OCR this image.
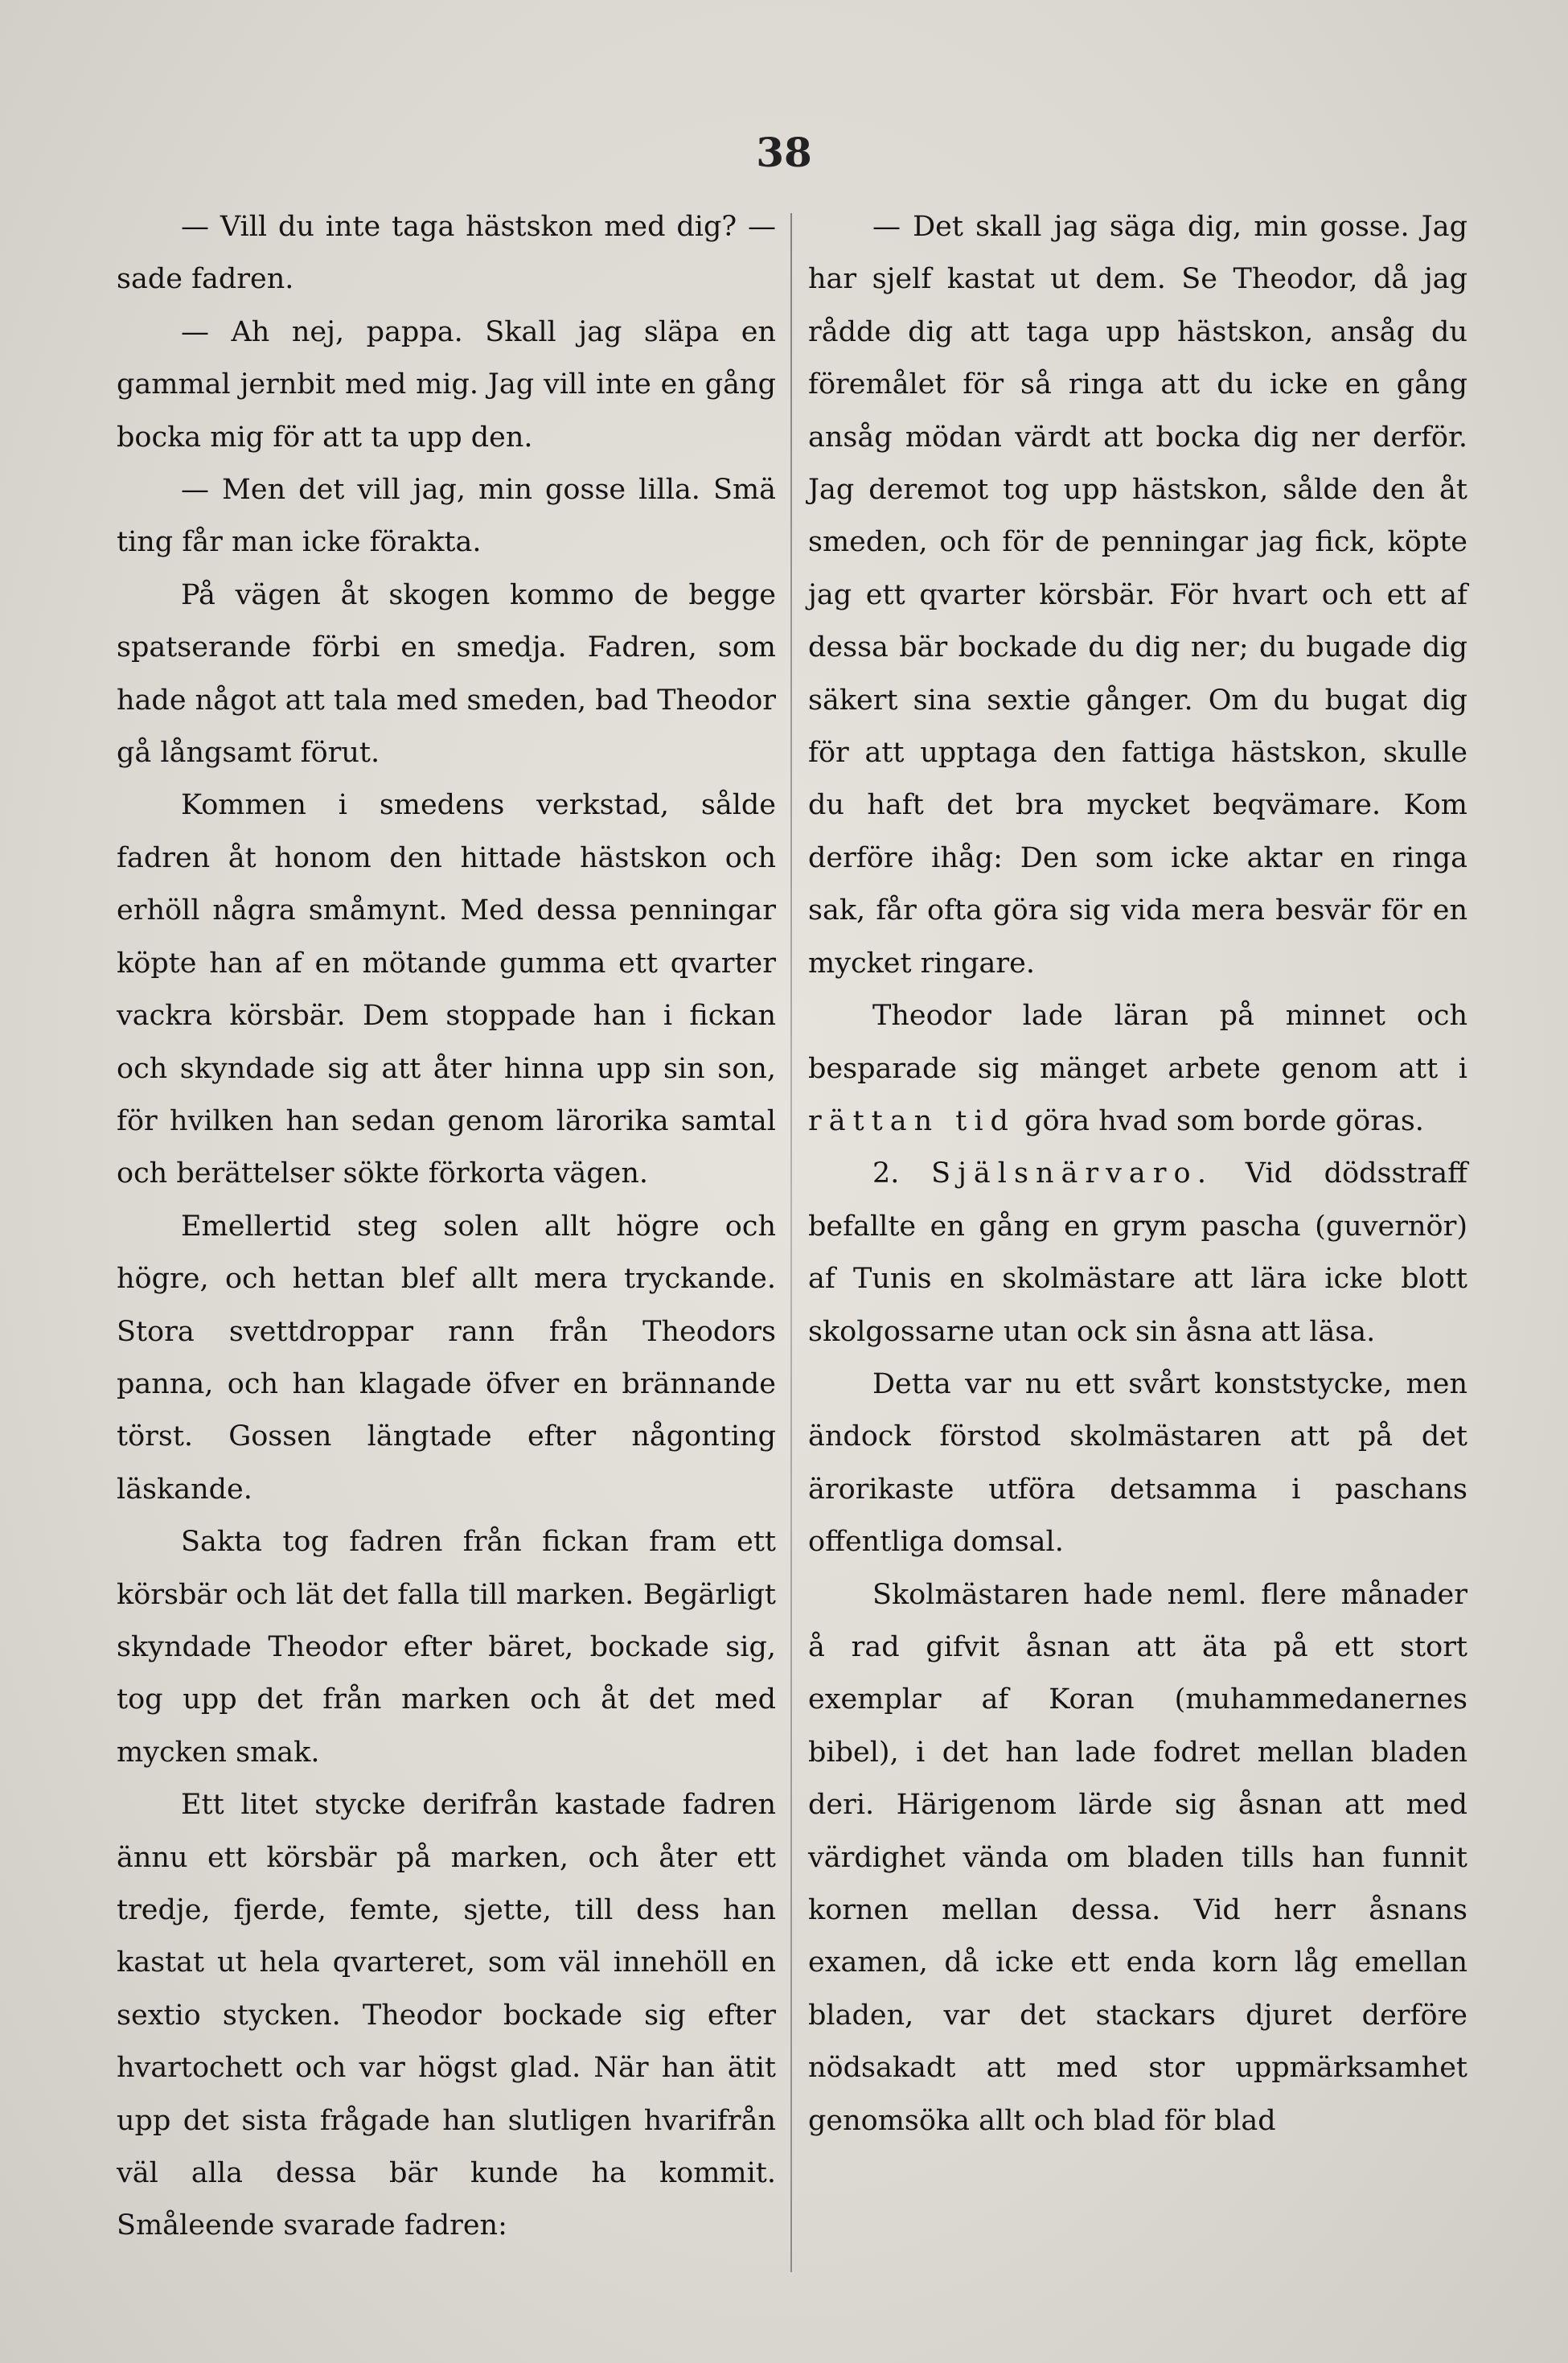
38

— Vill du inte taga hästskon med dig? — sade fadren.

— Ah nej, pappa. Skall jag släpa en gammal jernbit med mig. Jag vill inte en gång bocka mig för att ta upp den.

— Men det vill jag, min gosse lilla. Smä ting får man icke förakta.

På vägen åt skogen kommo de begge spatserande förbi en smedja. Fadren, som hade något att tala med smeden, bad Theodor gå långsamt förut.

Kommen i smedens verkstad, sålde fadren åt honom den hittade hästskon och erhöll några småmynt. Med dessa penningar köpte han af en mötande gumma ett qvarter vackra körsbär. Dem stoppade han i fickan och skyndade sig att åter hinna upp sin son, för hvilken han sedan genom lärorika samtal och berättelser sökte förkorta vägen.

Emellertid steg solen allt högre och högre, och hettan blef allt mera tryckande. Stora svettdroppar rann från Theodors panna, och han klagade öfver en brännande törst. Gossen längtade efter någonting läskande.

Sakta tog fadren från fickan fram ett körsbär och lät det falla till marken. Begärligt skyndade Theodor efter bäret, bockade sig, tog upp det från marken och åt det med mycken smak.

Ett litet stycke derifrån kastade fadren ännu ett körsbär på marken, och åter ett tredje, fjerde, femte, sjette, till dess han kastat ut hela qvarteret, som väl innehöll en sextio stycken. Theodor bockade sig efter hvartochett och var högst glad. När han ätit upp det sista frågade han slutligen hvarifrån väl alla dessa bär kunde ha kommit. Småleende svarade fadren:

— Det skall jag säga dig, min gosse. Jag har sjelf kastat ut dem. Se Theodor, då jag rådde dig att taga upp hästskon, ansåg du föremålet för så ringa att du icke en gång ansåg mödan värdt att bocka dig ner derför. Jag deremot tog upp hästskon, sålde den åt smeden, och för de penningar jag fick, köpte jag ett qvarter körsbär. För hvart och ett af dessa bär bockade du dig ner; du bugade dig säkert sina sextie gånger. Om du bugat dig för att upptaga den fattiga hästskon, skulle du haft det bra mycket beqvämare. Kom derföre ihåg: Den som icke aktar en ringa sak, får ofta göra sig vida mera besvär för en mycket ringare.

Theodor lade läran på minnet och besparade sig mänget arbete genom att i rättan tid göra hvad som borde göras.

2. Själsnärvaro. Vid dödsstraff befallte en gång en grym pascha (guvernör) af Tunis en skolmästare att lära icke blott skolgossarne utan ock sin åsna att läsa.

Detta var nu ett svårt konststycke, men ändock förstod skolmästaren att på det ärorikaste utföra detsamma i paschans offentliga domsal.

Skolmästaren hade neml. flere månader å rad gifvit åsnan att äta på ett stort exemplar af Koran (muhammedanernes bibel), i det han lade fodret mellan bladen deri. Härigenom lärde sig åsnan att med värdighet vända om bladen tills han funnit kornen mellan dessa. Vid herr åsnans examen, då icke ett enda korn låg emellan bladen, var det stackars djuret derföre nödsakadt att med stor uppmärksamhet genomsöka allt och blad för blad
